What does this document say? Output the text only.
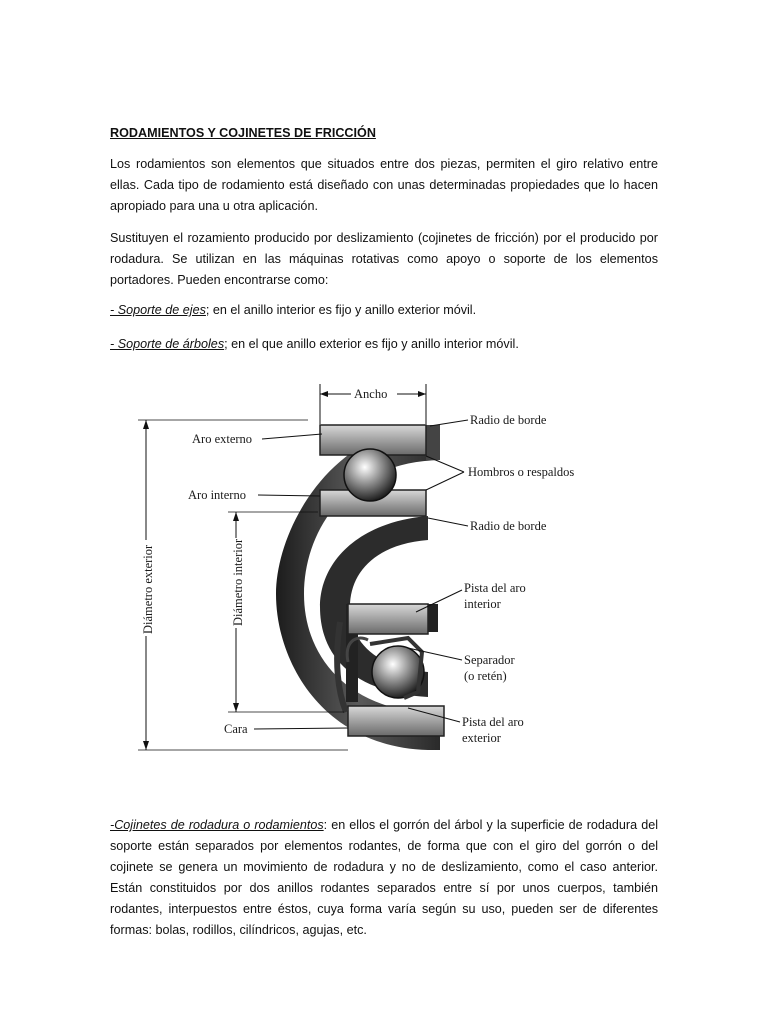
RODAMIENTOS Y COJINETES DE FRICCIÓN
Los rodamientos son elementos que situados entre dos piezas, permiten el giro relativo entre ellas. Cada tipo de rodamiento está diseñado con unas determinadas propiedades que lo hacen apropiado para una u otra aplicación.
Sustituyen el rozamiento producido por deslizamiento (cojinetes de fricción) por el producido por rodadura. Se utilizan en las máquinas rotativas como apoyo o soporte de los elementos portadores. Pueden encontrarse como:
- Soporte de ejes; en el anillo interior es fijo y anillo exterior móvil.
- Soporte de árboles; en el que anillo exterior es fijo y anillo interior móvil.
Ancho
Diámetro exterior	Diámetro interior
Aro externo
Aro interno
Cara
Radio de borde
Hombros o respaldos
Radio de borde
Pista del aro
interior
Separador
(o retén)
Pista del aro
exterior
-Cojinetes de rodadura o rodamientos: en ellos el gorrón del árbol y la superficie de rodadura del soporte están separados por elementos rodantes, de forma que con el giro del gorrón o del cojinete se genera un movimiento de rodadura y no de deslizamiento, como el caso anterior. Están constituidos por dos anillos rodantes separados entre sí por unos cuerpos, también rodantes, interpuestos entre éstos, cuya forma varía según su uso, pueden ser de diferentes formas: bolas, rodillos, cilíndricos, agujas, etc.
